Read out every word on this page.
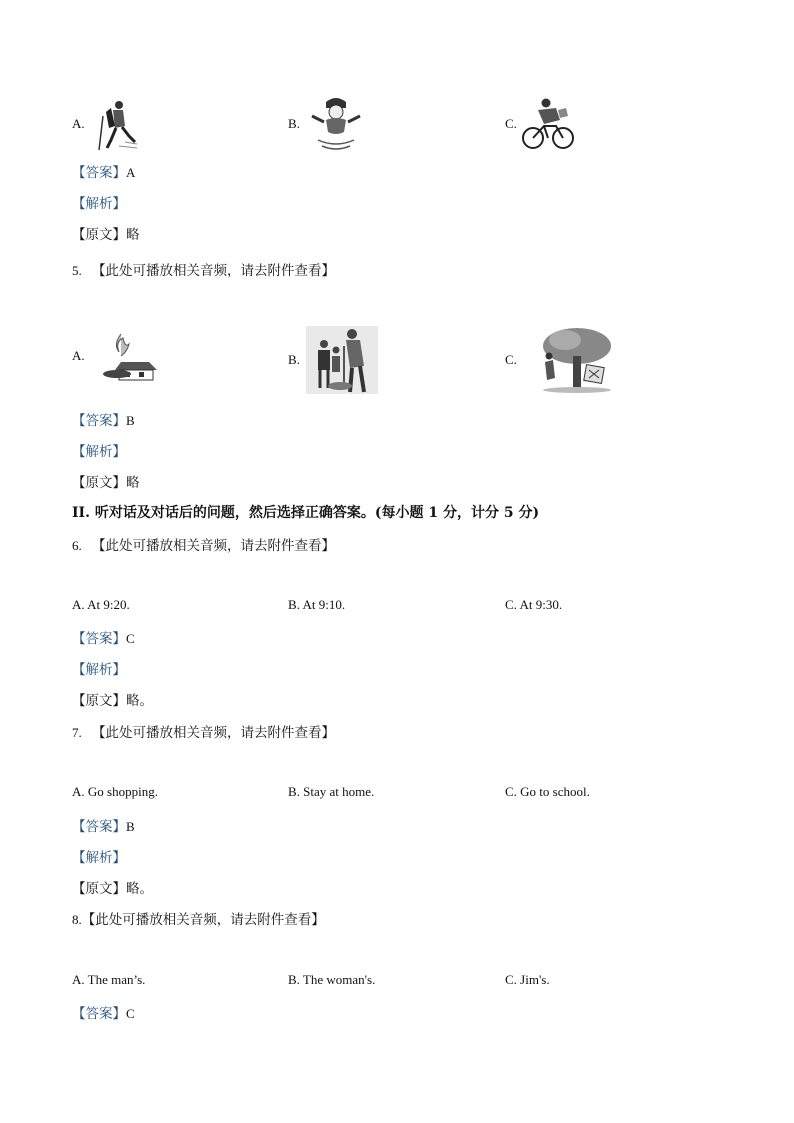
A.	B.	C.
【答案】A
【解析】
【原文】略
5. 【此处可播放相关音频，请去附件查看】
A.	B.	C.
【答案】B
【解析】
【原文】略
II. 听对话及对话后的问题，然后选择正确答案。(每小题 1 分，计分 5 分)
6. 【此处可播放相关音频，请去附件查看】
A. At 9:20.	B. At 9:10.	C. At 9:30.
【答案】C
【解析】
【原文】略。
7. 【此处可播放相关音频，请去附件查看】
A. Go shopping.	B. Stay at home.	C. Go to school.
【答案】B
【解析】
【原文】略。
8.【此处可播放相关音频，请去附件查看】
A. The man’s.	B. The woman's.	C. Jim's.
【答案】C
